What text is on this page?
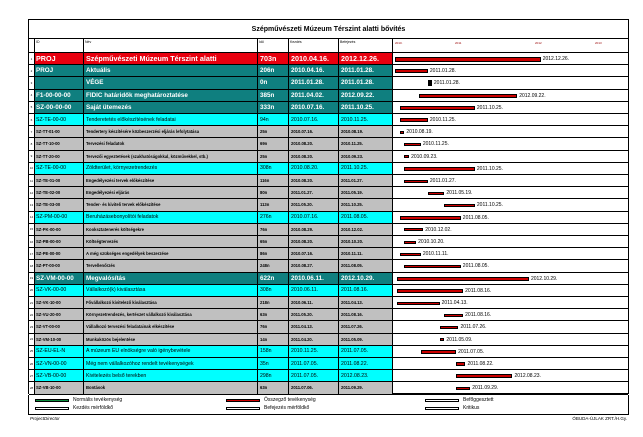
Szépművészeti Múzeum Térszint alatti bővítés
ID	Név	Idő	Kezdés	Befejezés	2010.	2011	2012	2013
1 PROJ	Szépművészeti Múzeum Térszint alatti	703n	2010.04.16.	2012.12.26.	2012.12.26.
2 PROJ	Aktuális	206n	2010.04.16.	2011.01.28.	2011.01.28.
3	VÉGE	0n	2011.01.28.	2011.01.28.	2011.01.28.
4 F1-00-00-00	FIDIC határidők meghatároztatése	385n	2011.04.02.	2012.09.22.	2012.09.22.
5 SZ-00-00-00	Saját ütemezés	333n	2010.07.16.	2011.10.25.	2011.10.25.
6 SZ-TE-00-00	Tenderetetés előkészítésének feladatai	94n	2010.07.16.	2010.11.25.	2010.11.25.
7 SZ-TT-01-00	Tendertery készítésére közbeszerzési eljárás lefolytatása	25n	2010.07.16.	2010.08.19.	2010.08.19.
8 SZ-TT-10-00	Tervezési feladatok	69n	2010.08.20.	2010.11.25.	2010.11.25.
9 SZ-TT-20-00	Tervezői egyeztetések (szakhatóságokkal, közművekkel, stb.)	25n	2010.08.20.	2010.09.23.	2010.09.23.
10 SZ-TE-00-00	Zöldterület, környezetrendezés	308n	2010.08.20.	2011.10.25.	2011.10.25.
11 SZ-TE-01-00	Engedélyezési tervek előkészítése	116n	2010.08.20.	2011.01.27.	2011.01.27.
12 SZ-TE-02-00	Engedélyezési eljárás	80n	2011.01.27.	2011.05.19.	2011.05.19.
13 SZ-TE-03-00	Tender- és kiviteli tervek előkészítése	113n	2011.05.20.	2011.10.25.	2011.10.25.
14 SZ-PM-00-00	Beruházásebonyolítói feladatok	276n	2010.07.16.	2011.08.05.	2011.08.05.
15 SZ-PK-00-00	Kooksztatenerés költségekre	76n	2010.08.29.	2010.12.02.	2010.12.02.
16 SZ-PB-00-00	Költségtervezés	65n	2010.08.20.	2010.10.20.	2010.10.20.
17 SZ-PE-00-00	A még szükséges engedélyek beszerzése	86n	2010.07.16.	2010.11.11.	2010.11.11.
18 SZ-PT-00-00	Tervellenőrzés	248n	2010.08.27.	2011.08.05.	2011.08.05.
19 SZ-VM-00-00	Megvalósítás	622n	2010.06.11.	2012.10.29.	2012.10.29.
20 SZ-VK-00-00	Vállalkozó(k) kiválasztása	308n	2010.06.11.	2011.08.16.	2011.08.16.
21 SZ-VK-10-00	Fővállalkozó kivitelező kiválasztása	218n	2010.06.11.	2011.04.13.	2011.04.13.
22 SZ-VU-20-00	Környezetrendezés, kertészet vállalkozó kiválasztása	63n	2011.05.20.	2011.08.16.	2011.08.16.
23 SZ-VT-00-00	Vállalkozó tervezési feladatainak elkészítése	76n	2011.04.13.	2011.07.26.	2011.07.26.
24 SZ-VM-10-00	Munkaközös bejelentése	14n	2011.04.20.	2011.05.09.	2011.05.09.
25 SZ-EU-EL-N	A múzeum EU elnökségre való igénybevétele	158n	2010.11.25.	2011.07.05.	2011.07.05.
26 SZ-VN-00-00	Még nem vállalkozóhoz rendelt tevékenységek	35n	2011.07.05.	2011.08.22.	2011.08.22.
27 SZ-VB-00-00	Kivitelezés belső terekben	298n	2011.07.05.	2012.08.23.	2012.08.23.
28 SZ-VB-10-00	Bontások	63n	2011.07.06.	2011.09.29.	2011.09.29.
Normális tevékenység
Kezdés mérföldkő
Összegző tevékenység
Befejezés mérföldkő
Befőggesztett
Kritikus
ProjectDirector	ÓBUDA-ÚJLAK ZRT./H.Gy.
